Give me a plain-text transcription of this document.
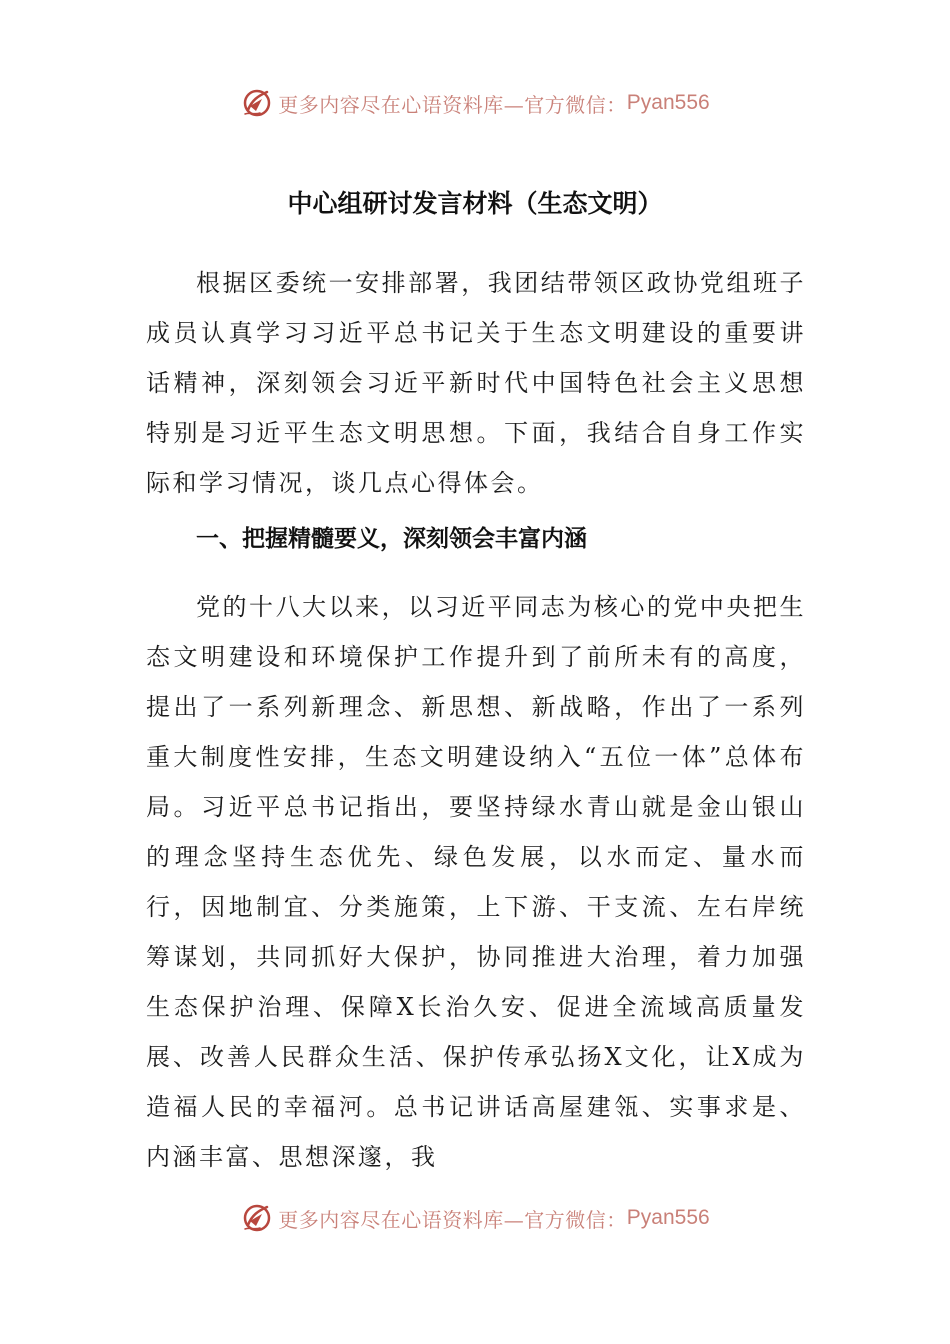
更多内容尽在心语资料库—官方微信： Pyan556
中心组研讨发言材料（生态文明）

根据区委统一安排部署，我团结带领区政协党组班子成员认真学习习近平总书记关于生态文明建设的重要讲话精神，深刻领会习近平新时代中国特色社会主义思想特别是习近平生态文明思想。下面，我结合自身工作实际和学习情况，谈几点心得体会。

一、把握精髓要义，深刻领会丰富内涵

党的十八大以来，以习近平同志为核心的党中央把生态文明建设和环境保护工作提升到了前所未有的高度，提出了一系列新理念、新思想、新战略，作出了一系列重大制度性安排，生态文明建设纳入“五位一体”总体布局。习近平总书记指出，要坚持绿水青山就是金山银山的理念坚持生态优先、绿色发展，以水而定、量水而行，因地制宜、分类施策，上下游、干支流、左右岸统筹谋划，共同抓好大保护，协同推进大治理，着力加强生态保护治理、保障X长治久安、促进全流域高质量发展、改善人民群众生活、保护传承弘扬X文化，让X成为造福人民的幸福河。总书记讲话高屋建瓴、实事求是、内涵丰富、思想深邃，我

更多内容尽在心语资料库—官方微信： Pyan556
